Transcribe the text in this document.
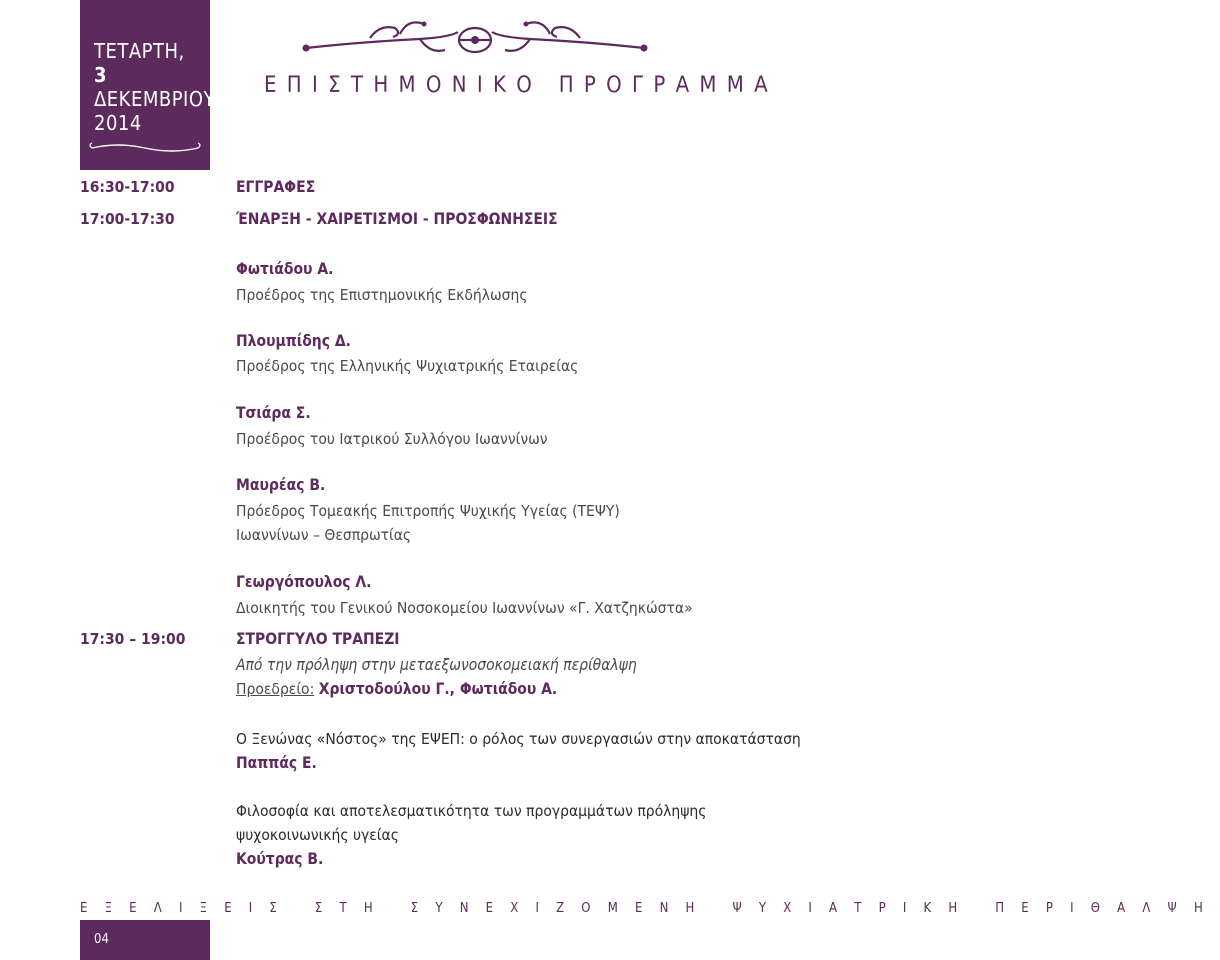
ΤΕΤΑΡΤΗ,
3
ΔΕΚΕΜΒΡΙΟΥ
2014
ΕΠΙΣΤΗΜΟΝΙΚΟ ΠΡΟΓΡΑΜΜΑ
16:30-17:00	ΕΓΓΡΑΦΕΣ
17:00-17:30	ΈΝΑΡΞΗ - ΧΑΙΡΕΤΙΣΜΟΙ - ΠΡΟΣΦΩΝΗΣΕΙΣ
Φωτιάδου Α.
Προέδρος της Επιστημονικής Εκδήλωσης
Πλουμπίδης Δ.
Προέδρος της Ελληνικής Ψυχιατρικής Εταιρείας
Τσιάρα Σ.
Προέδρος του Ιατρικού Συλλόγου Ιωαννίνων
Μαυρέας Β.
Πρόεδρος Τομεακής Επιτροπής Ψυχικής Υγείας (ΤΕΨΥ)
Ιωαννίνων – Θεσπρωτίας
Γεωργόπουλος Λ.
Διοικητής του Γενικού Νοσοκομείου Ιωαννίνων «Γ. Χατζηκώστα»
17:30 – 19:00	ΣΤΡΟΓΓΥΛΟ ΤΡΑΠΕΖΙ
Από την πρόληψη στην μεταεξωνοσοκομειακή περίθαλψη
Προεδρείο: Χριστοδούλου Γ., Φωτιάδου Α.
Ο Ξενώνας «Νόστος» της ΕΨΕΠ: ο ρόλος των συνεργασιών στην αποκατάσταση
Παππάς Ε.
Φιλοσοφία και αποτελεσματικότητα των προγραμμάτων πρόληψης
ψυχοκοινωνικής υγείας
Κούτρας Β.
ΕΞΕΛΙΞΕΙΣ ΣΤΗ ΣΥΝΕΧΙΖΟΜΕΝΗ ΨΥΧΙΑΤΡΙΚΗ ΠΕΡΙΘΑΛΨΗ
04
